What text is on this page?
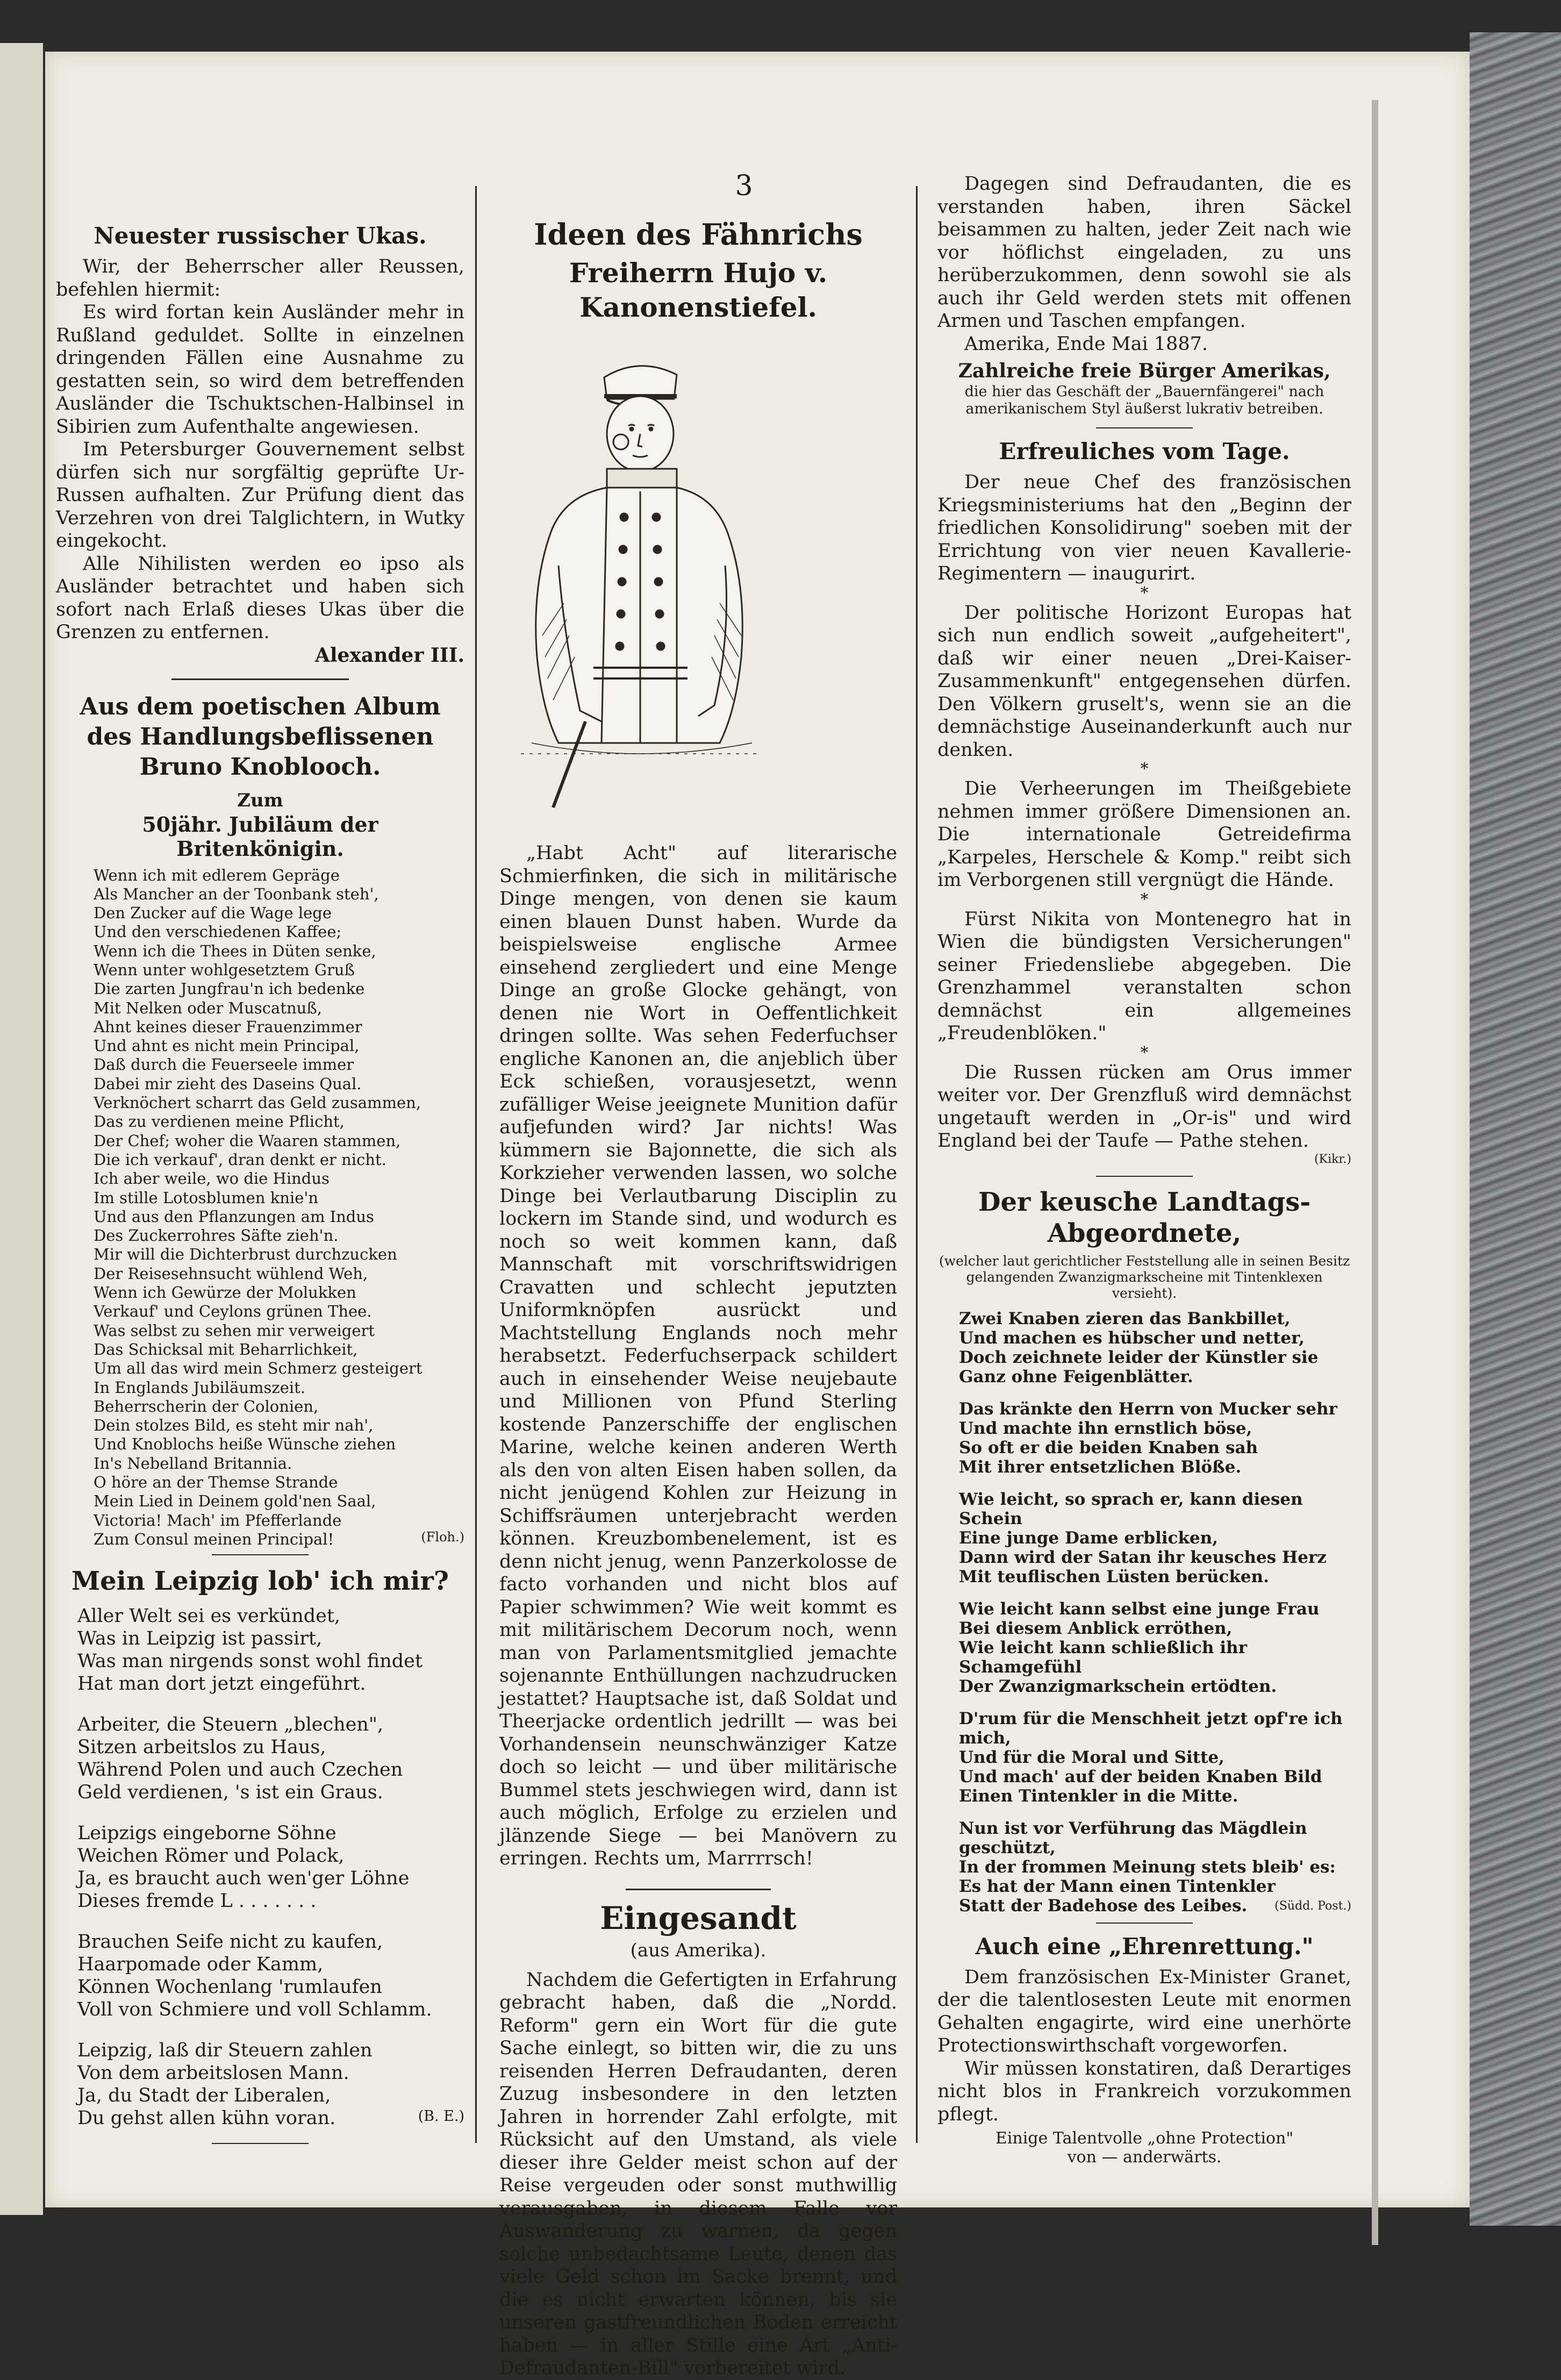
3
Neuester russischer Ukas.

Wir, der Beherrscher aller Reussen, befehlen hiermit:

Es wird fortan kein Ausländer mehr in Rußland geduldet. Sollte in einzelnen dringenden Fällen eine Ausnahme zu gestatten sein, so wird dem betreffenden Ausländer die Tschuktschen-Halbinsel in Sibirien zum Aufenthalte angewiesen.

Im Petersburger Gouvernement selbst dürfen sich nur sorgfältig geprüfte Ur-Russen aufhalten. Zur Prüfung dient das Verzehren von drei Talglichtern, in Wutky eingekocht.

Alle Nihilisten werden eo ipso als Ausländer betrachtet und haben sich sofort nach Erlaß dieses Ukas über die Grenzen zu entfernen.

Alexander III.
Aus dem poetischen Album des Handlungsbeflissenen Bruno Knoblooch.
Zum
50jähr. Jubiläum der Britenkönigin.
Wenn ich mit edlerem Gepräge
Als Mancher an der Toonbank steh',
Den Zucker auf die Wage lege
Und den verschiedenen Kaffee;
Wenn ich die Thees in Düten senke,
Wenn unter wohlgesetztem Gruß
Die zarten Jungfrau'n ich bedenke
Mit Nelken oder Muscatnuß,
Ahnt keines dieser Frauenzimmer
Und ahnt es nicht mein Principal,
Daß durch die Feuerseele immer
Dabei mir zieht des Daseins Qual.
Verknöchert scharrt das Geld zusammen,
Das zu verdienen meine Pflicht,
Der Chef; woher die Waaren stammen,
Die ich verkauf', dran denkt er nicht.
Ich aber weile, wo die Hindus
Im stille Lotosblumen knie'n
Und aus den Pflanzungen am Indus
Des Zuckerrohres Säfte zieh'n.
Mir will die Dichterbrust durchzucken
Der Reisesehnsucht wühlend Weh,
Wenn ich Gewürze der Molukken
Verkauf' und Ceylons grünen Thee.
Was selbst zu sehen mir verweigert
Das Schicksal mit Beharrlichkeit,
Um all das wird mein Schmerz gesteigert
In Englands Jubiläumszeit.
Beherrscherin der Colonien,
Dein stolzes Bild, es steht mir nah',
Und Knoblochs heiße Wünsche ziehen
In's Nebelland Britannia.
O höre an der Themse Strande
Mein Lied in Deinem gold'nen Saal,
Victoria! Mach' im Pfefferlande
Zum Consul meinen Principal!	(Floh.)
Mein Leipzig lob' ich mir?
Aller Welt sei es verkündet,
Was in Leipzig ist passirt,
Was man nirgends sonst wohl findet
Hat man dort jetzt eingeführt.
Arbeiter, die Steuern „blechen",
Sitzen arbeitslos zu Haus,
Während Polen und auch Czechen
Geld verdienen, 's ist ein Graus.
Leipzigs eingeborne Söhne
Weichen Römer und Polack,
Ja, es braucht auch wen'ger Löhne
Dieses fremde L . . . . . . .
Brauchen Seife nicht zu kaufen,
Haarpomade oder Kamm,
Können Wochenlang 'rumlaufen
Voll von Schmiere und voll Schlamm.
Leipzig, laß dir Steuern zahlen
Von dem arbeitslosen Mann.
Ja, du Stadt der Liberalen,
Du gehst allen kühn voran.	(B. E.)
Ideen des Fähnrichs
Freiherrn Hujo v. Kanonenstiefel.

„Habt Acht" auf literarische Schmierfinken, die sich in militärische Dinge mengen, von denen sie kaum einen blauen Dunst haben. Wurde da beispielsweise englische Armee einsehend zergliedert und eine Menge Dinge an große Glocke gehängt, von denen nie Wort in Oeffentlichkeit dringen sollte. Was sehen Federfuchser engliche Kanonen an, die anjeblich über Eck schießen, vorausjesetzt, wenn zufälliger Weise jeeignete Munition dafür aufjefunden wird? Jar nichts! Was kümmern sie Bajonnette, die sich als Korkzieher verwenden lassen, wo solche Dinge bei Verlautbarung Disciplin zu lockern im Stande sind, und wodurch es noch so weit kommen kann, daß Mannschaft mit vorschriftswidrigen Cravatten und schlecht jeputzten Uniformknöpfen ausrückt und Machtstellung Englands noch mehr herabsetzt. Federfuchserpack schildert auch in einsehender Weise neujebaute und Millionen von Pfund Sterling kostende Panzerschiffe der englischen Marine, welche keinen anderen Werth als den von alten Eisen haben sollen, da nicht jenügend Kohlen zur Heizung in Schiffsräumen unterjebracht werden können. Kreuzbombenelement, ist es denn nicht jenug, wenn Panzerkolosse de facto vorhanden und nicht blos auf Papier schwimmen? Wie weit kommt es mit militärischem Decorum noch, wenn man von Parlamentsmitglied jemachte sojenannte Enthüllungen nachzudrucken jestattet? Hauptsache ist, daß Soldat und Theerjacke ordentlich jedrillt — was bei Vorhandensein neunschwänziger Katze doch so leicht — und über militärische Bummel stets jeschwiegen wird, dann ist auch möglich, Erfolge zu erzielen und jlänzende Siege — bei Manövern zu erringen. Rechts um, Marrrrsch!

Eingesandt
(aus Amerika).

Nachdem die Gefertigten in Erfahrung gebracht haben, daß die „Nordd. Reform" gern ein Wort für die gute Sache einlegt, so bitten wir, die zu uns reisenden Herren Defraudanten, deren Zuzug insbesondere in den letzten Jahren in horrender Zahl erfolgte, mit Rücksicht auf den Umstand, als viele dieser ihre Gelder meist schon auf der Reise vergeuden oder sonst muthwillig verausgaben, in diesem Falle vor Auswanderung zu warnen, da gegen solche unbedachtsame Leute, denen das viele Geld schon im Sacke brennt, und die es nicht erwarten können, bis sie unseren gastfreundlichen Boden erreicht haben — in aller Stille eine Art „Anti-Defraudanten-Bill" vorbereitet wird.

Dagegen sind Defraudanten, die es verstanden haben, ihren Säckel beisammen zu halten, jeder Zeit nach wie vor höflichst eingeladen, zu uns herüberzukommen, denn sowohl sie als auch ihr Geld werden stets mit offenen Armen und Taschen empfangen.

Amerika, Ende Mai 1887.

Zahlreiche freie Bürger Amerikas,
die hier das Geschäft der „Bauernfängerei" nach amerikanischem Styl äußerst lukrativ betreiben.
Erfreuliches vom Tage.

Der neue Chef des französischen Kriegsministeriums hat den „Beginn der friedlichen Konsolidirung" soeben mit der Errichtung von vier neuen Kavallerie-Regimentern — inaugurirt.

*

Der politische Horizont Europas hat sich nun endlich soweit „aufgeheitert", daß wir einer neuen „Drei-Kaiser-Zusammenkunft" entgegensehen dürfen. Den Völkern gruselt's, wenn sie an die demnächstige Auseinanderkunft auch nur denken.

*

Die Verheerungen im Theißgebiete nehmen immer größere Dimensionen an. Die internationale Getreidefirma „Karpeles, Herschele & Komp." reibt sich im Verborgenen still vergnügt die Hände.

*

Fürst Nikita von Montenegro hat in Wien die bündigsten Versicherungen" seiner Friedensliebe abgegeben. Die Grenzhammel veranstalten schon demnächst ein allgemeines „Freudenblöken."

*

Die Russen rücken am Orus immer weiter vor. Der Grenzfluß wird demnächst ungetauft werden in „Or-is" und wird England bei der Taufe — Pathe stehen.

(Kikr.)
Der keusche Landtags-Abgeordnete,
(welcher laut gerichtlicher Feststellung alle in seinen Besitz gelangenden Zwanzigmarkscheine mit Tintenklexen versieht).
Zwei Knaben zieren das Bankbillet,
Und machen es hübscher und netter,
Doch zeichnete leider der Künstler sie
Ganz ohne Feigenblätter.
Das kränkte den Herrn von Mucker sehr
Und machte ihn ernstlich böse,
So oft er die beiden Knaben sah
Mit ihrer entsetzlichen Blöße.
Wie leicht, so sprach er, kann diesen Schein
Eine junge Dame erblicken,
Dann wird der Satan ihr keusches Herz
Mit teuflischen Lüsten berücken.
Wie leicht kann selbst eine junge Frau
Bei diesem Anblick erröthen,
Wie leicht kann schließlich ihr Schamgefühl
Der Zwanzigmarkschein ertödten.
D'rum für die Menschheit jetzt opf're ich mich,
Und für die Moral und Sitte,
Und mach' auf der beiden Knaben Bild
Einen Tintenkler in die Mitte.
Nun ist vor Verführung das Mägdlein geschützt,
In der frommen Meinung stets bleib' es:
Es hat der Mann einen Tintenkler
Statt der Badehose des Leibes.	(Südd. Post.)
Auch eine „Ehrenrettung."

Dem französischen Ex-Minister Granet, der die talentlosesten Leute mit enormen Gehalten engagirte, wird eine unerhörte Protectionswirthschaft vorgeworfen.

Wir müssen konstatiren, daß Derartiges nicht blos in Frankreich vorzukommen pflegt.

Einige Talentvolle „ohne Protection"
von — anderwärts.
